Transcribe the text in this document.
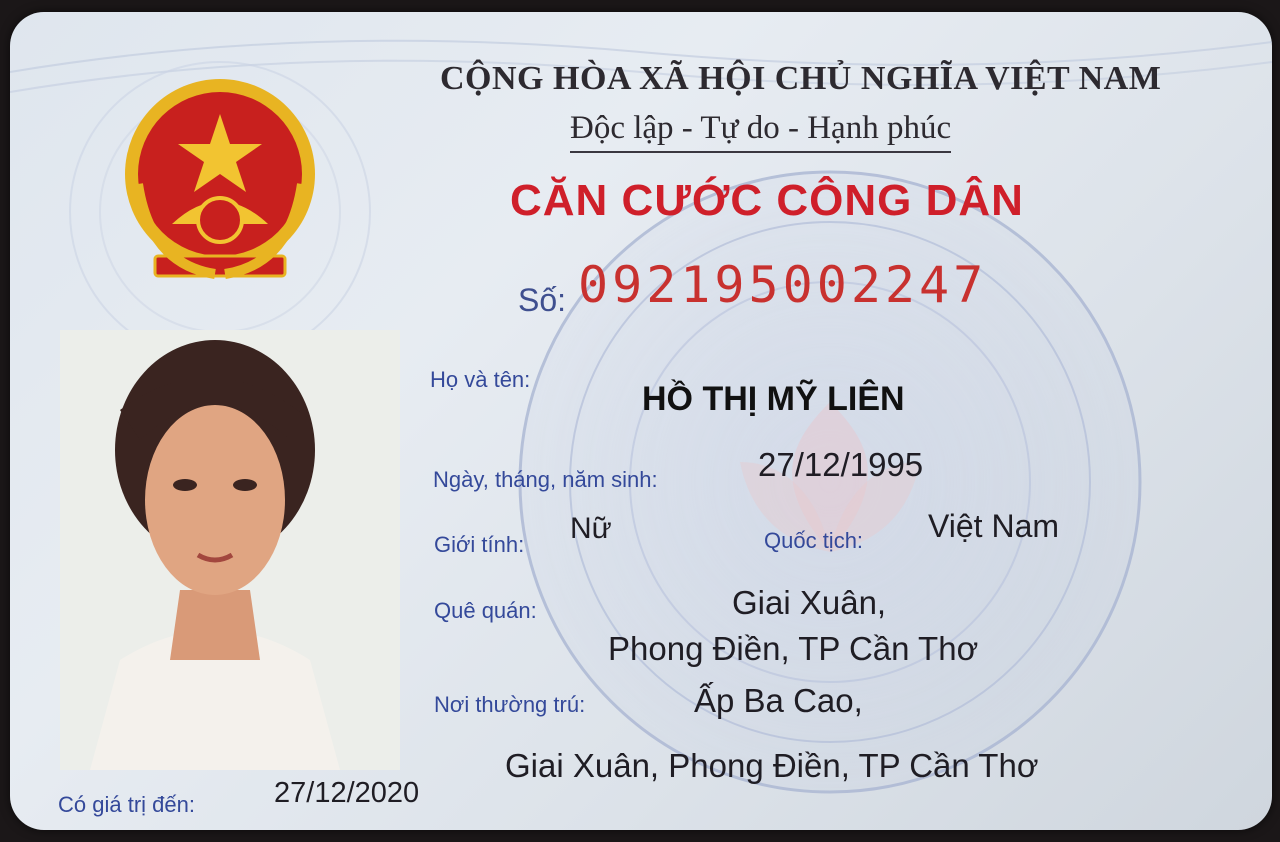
CỘNG HÒA XÃ HỘI CHỦ NGHĨA VIỆT NAM
Độc lập - Tự do - Hạnh phúc
CĂN CƯỚC CÔNG DÂN
Số: 092195002247
Họ và tên:
HỒ THỊ MỸ LIÊN
Ngày, tháng, năm sinh:	27/12/1995
Giới tính: Nữ	Quốc tịch: Việt Nam
Quê quán:	Giai Xuân,
Phong Điền, TP Cần Thơ
Nơi thường trú:	Ấp Ba Cao,
Giai Xuân, Phong Điền, TP Cần Thơ
Có giá trị đến:	27/12/2020
